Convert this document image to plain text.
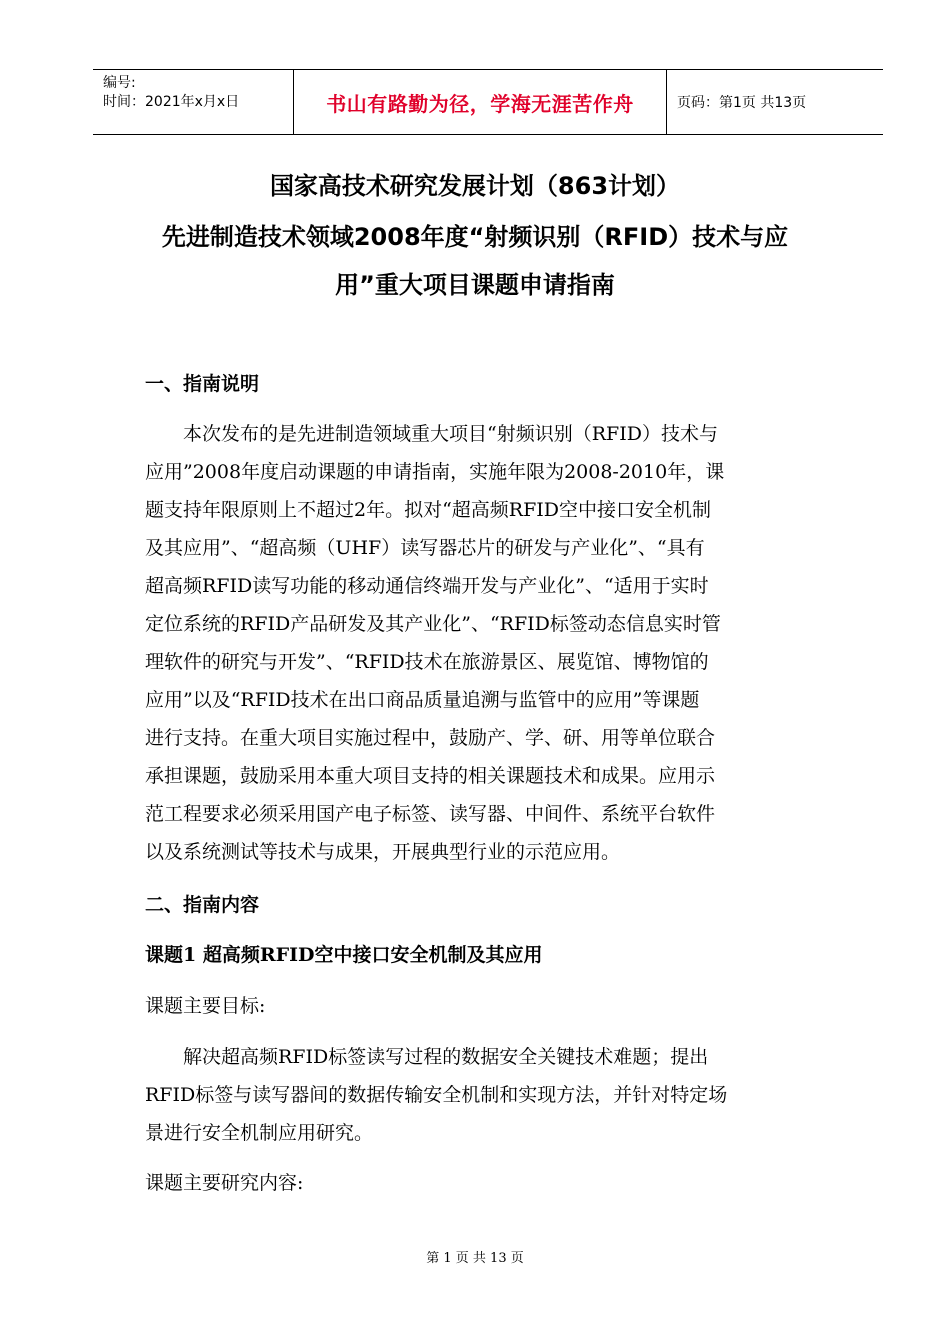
编号:
时间：2021年x月x日	书山有路勤为径，学海无涯苦作舟	页码：第1页 共13页
国家高技术研究发展计划（863计划）
先进制造技术领域2008年度“射频识别（RFID）技术与应
用”重大项目课题申请指南
一、指南说明
　　本次发布的是先进制造领域重大项目“射频识别（RFID）技术与
应用”2008年度启动课题的申请指南，实施年限为2008-2010年，课
题支持年限原则上不超过2年。拟对“超高频RFID空中接口安全机制
及其应用”、“超高频（UHF）读写器芯片的研发与产业化”、“具有
超高频RFID读写功能的移动通信终端开发与产业化”、“适用于实时
定位系统的RFID产品研发及其产业化”、“RFID标签动态信息实时管
理软件的研究与开发”、“RFID技术在旅游景区、展览馆、博物馆的
应用”以及“RFID技术在出口商品质量追溯与监管中的应用”等课题
进行支持。在重大项目实施过程中，鼓励产、学、研、用等单位联合
承担课题，鼓励采用本重大项目支持的相关课题技术和成果。应用示
范工程要求必须采用国产电子标签、读写器、中间件、系统平台软件
以及系统测试等技术与成果，开展典型行业的示范应用。
二、指南内容
课题1 超高频RFID空中接口安全机制及其应用
课题主要目标:
　　解决超高频RFID标签读写过程的数据安全关键技术难题；提出
RFID标签与读写器间的数据传输安全机制和实现方法，并针对特定场
景进行安全机制应用研究。
课题主要研究内容:
第 1 页 共 13 页
